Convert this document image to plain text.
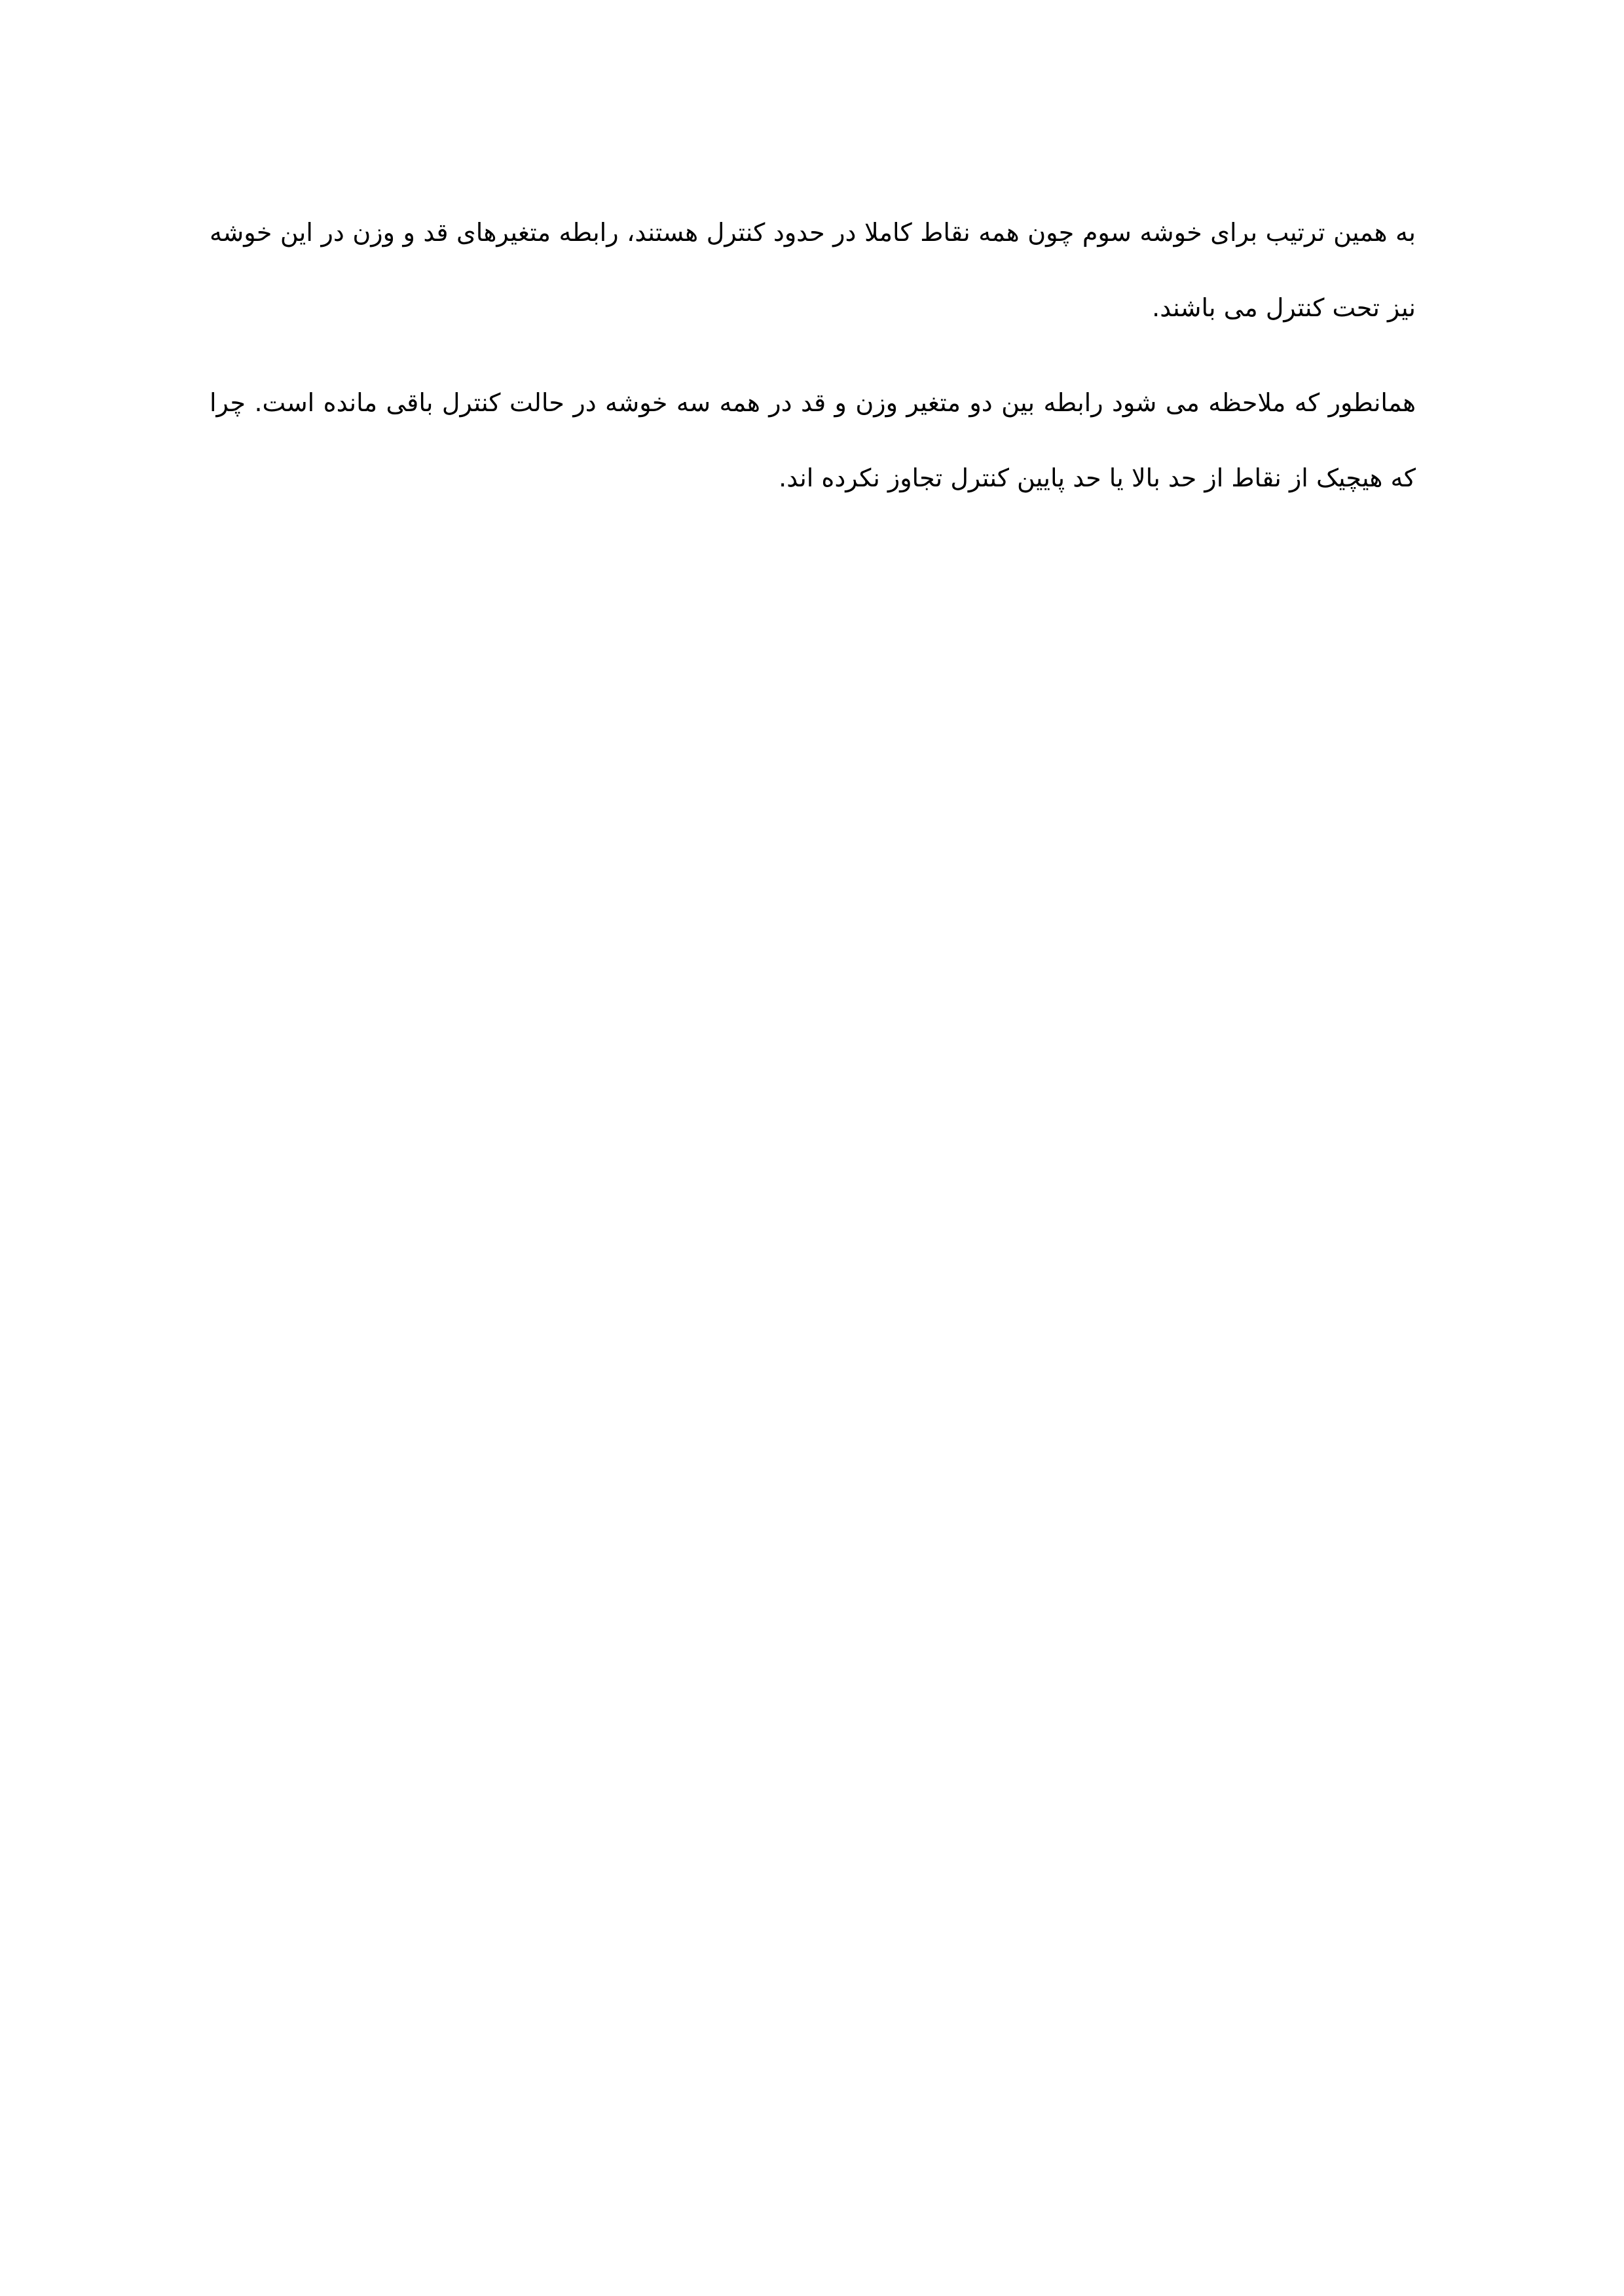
به همین ترتیب برای خوشه سوم چون همه نقاط کاملا در حدود کنترل هستند، رابطه متغیرهای قد و وزن در این خوشه نیز تحت کنترل می باشند.

همانطور که ملاحظه می شود رابطه بین دو متغیر وزن و قد در همه سه خوشه در حالت کنترل باقی مانده است. چرا که هیچیک از نقاط از حد بالا یا حد پایین کنترل تجاوز نکرده اند.
